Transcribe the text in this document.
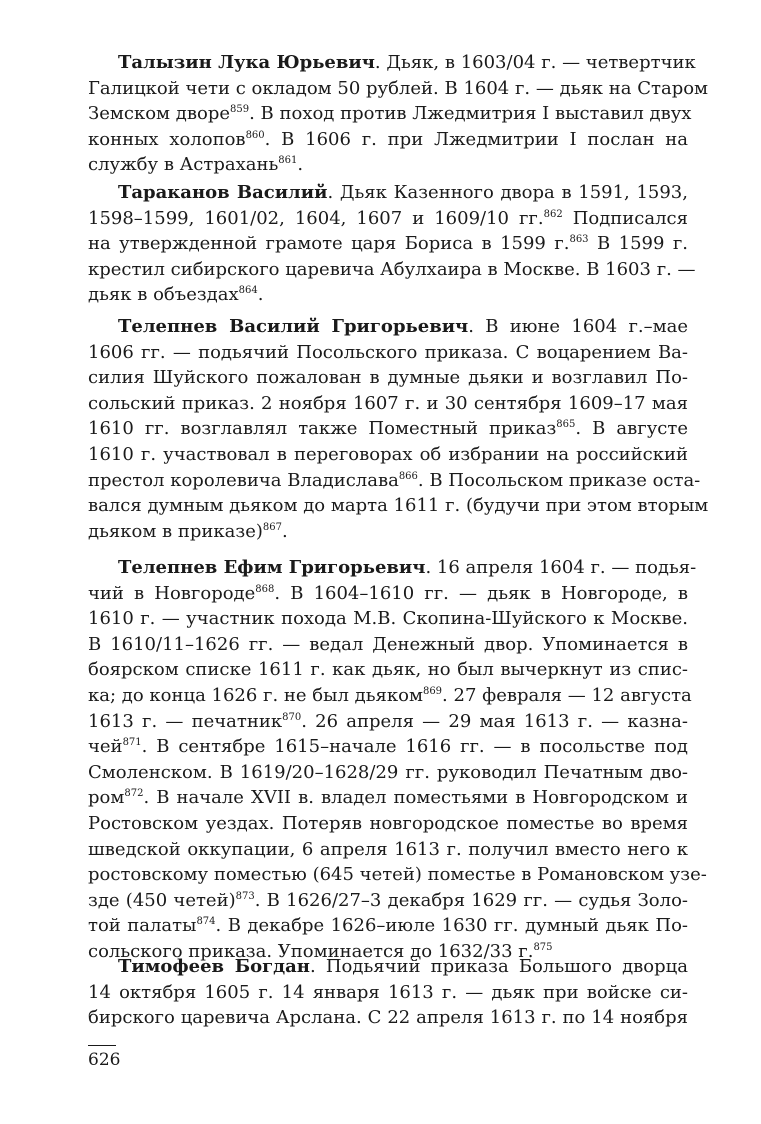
Талызин Лука Юрьевич. Дьяк, в 1603/04 г. — четвертчик
Галицкой чети с окладом 50 рублей. В 1604 г. — дьяк на Старом
Земском дворе$^{859}$. В поход против Лжедмитрия I выставил двух
конных холопов$^{860}$. В 1606 г. при Лжедмитрии I послан на
службу в Астрахань$^{861}$.
Тараканов Василий. Дьяк Казенного двора в 1591, 1593,
1598–1599, 1601/02, 1604, 1607 и 1609/10 гг.$^{862}$ Подписался
на утвержденной грамоте царя Бориса в 1599 г.$^{863}$ В 1599 г.
крестил сибирского царевича Абулхаира в Москве. В 1603 г. —
дьяк в объездах$^{864}$.
Телепнев Василий Григорьевич. В июне 1604 г.–мае
1606 гг. — подьячий Посольского приказа. С воцарением Ва-
силия Шуйского пожалован в думные дьяки и возглавил По-
сольский приказ. 2 ноября 1607 г. и 30 сентября 1609–17 мая
1610 гг. возглавлял также Поместный приказ$^{865}$. В августе
1610 г. участвовал в переговорах об избрании на российский
престол королевича Владислава$^{866}$. В Посольском приказе оста-
вался думным дьяком до марта 1611 г. (будучи при этом вторым
дьяком в приказе)$^{867}$.
Телепнев Ефим Григорьевич. 16 апреля 1604 г. — подья-
чий в Новгороде$^{868}$. В 1604–1610 гг. — дьяк в Новгороде, в
1610 г. — участник похода М.В. Скопина-Шуйского к Москве.
В 1610/11–1626 гг. — ведал Денежный двор. Упоминается в
боярском списке 1611 г. как дьяк, но был вычеркнут из спис-
ка; до конца 1626 г. не был дьяком$^{869}$. 27 февраля — 12 августа
1613 г. — печатник$^{870}$. 26 апреля — 29 мая 1613 г. — казна-
чей$^{871}$. В сентябре 1615–начале 1616 гг. — в посольстве под
Смоленском. В 1619/20–1628/29 гг. руководил Печатным дво-
ром$^{872}$. В начале XVII в. владел поместьями в Новгородском и
Ростовском уездах. Потеряв новгородское поместье во время
шведской оккупации, 6 апреля 1613 г. получил вместо него к
ростовскому поместью (645 четей) поместье в Романовском узе-
зде (450 четей)$^{873}$. В 1626/27–3 декабря 1629 гг. — судья Золо-
той палаты$^{874}$. В декабре 1626–июле 1630 гг. думный дьяк По-
сольского приказа. Упоминается до 1632/33 г.$^{875}$
Тимофеев Богдан. Подьячий приказа Большого дворца
14 октября 1605 г. 14 января 1613 г. — дьяк при войске си-
бирского царевича Арслана. С 22 апреля 1613 г. по 14 ноября
626
